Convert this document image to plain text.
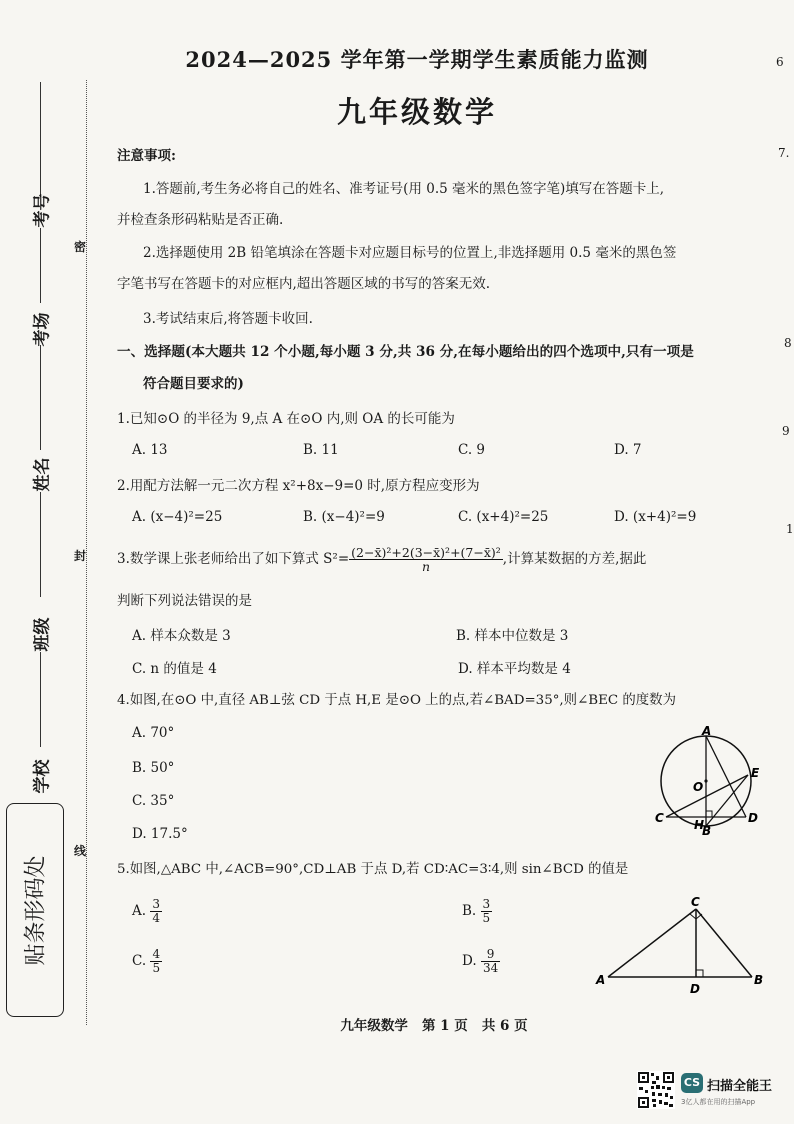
考号
考场
姓名
班级
学校
密
封
线
贴条形码处
6
7.
8
9
1
2024—2025 学年第一学期学生素质能力监测
九年级数学
注意事项:
1.答题前,考生务必将自己的姓名、准考证号(用 0.5 毫米的黑色签字笔)填写在答题卡上,
并检查条形码粘贴是否正确.
2.选择题使用 2B 铅笔填涂在答题卡对应题目标号的位置上,非选择题用 0.5 毫米的黑色签
字笔书写在答题卡的对应框内,超出答题区域的书写的答案无效.
3.考试结束后,将答题卡收回.
一、选择题(本大题共 12 个小题,每小题 3 分,共 36 分,在每小题给出的四个选项中,只有一项是
符合题目要求的)
1.已知⊙O 的半径为 9,点 A 在⊙O 内,则 OA 的长可能为
A. 13	B. 11	C. 9	D. 7
2.用配方法解一元二次方程 x²+8x−9=0 时,原方程应变形为
A. (x−4)²=25	B. (x−4)²=9	C. (x+4)²=25	D. (x+4)²=9
3.数学课上张老师给出了如下算式 $S^2= \frac{\text{(2−x̄)²+2(3−x̄)²+(7−x̄)²}}{n}$ ,计算某数据的方差,据此
判断下列说法错误的是
A. 样本众数是 3	B. 样本中位数是 3
C. n 的值是 4	D. 样本平均数是 4
4.如图,在⊙O 中,直径 AB⊥弦 CD 于点 H,E 是⊙O 上的点,若∠BAD=35°,则∠BEC 的度数为
A. 70°
B. 50°
C. 35°
D. 17.5°
A
B
C	D
E
O
H
5.如图,△ABC 中,∠ACB=90°,CD⊥AB 于点 D,若 CD∶AC=3∶4,则 sin∠BCD 的值是
A. $\frac{3}{4}$	B. $\frac{3}{5}$
C. $\frac{4}{5}$	D. $\frac{9}{34}$
A	B
C
D
九年级数学   第 1 页   共 6 页
CS 扫描全能王
3亿人都在用的扫描App
